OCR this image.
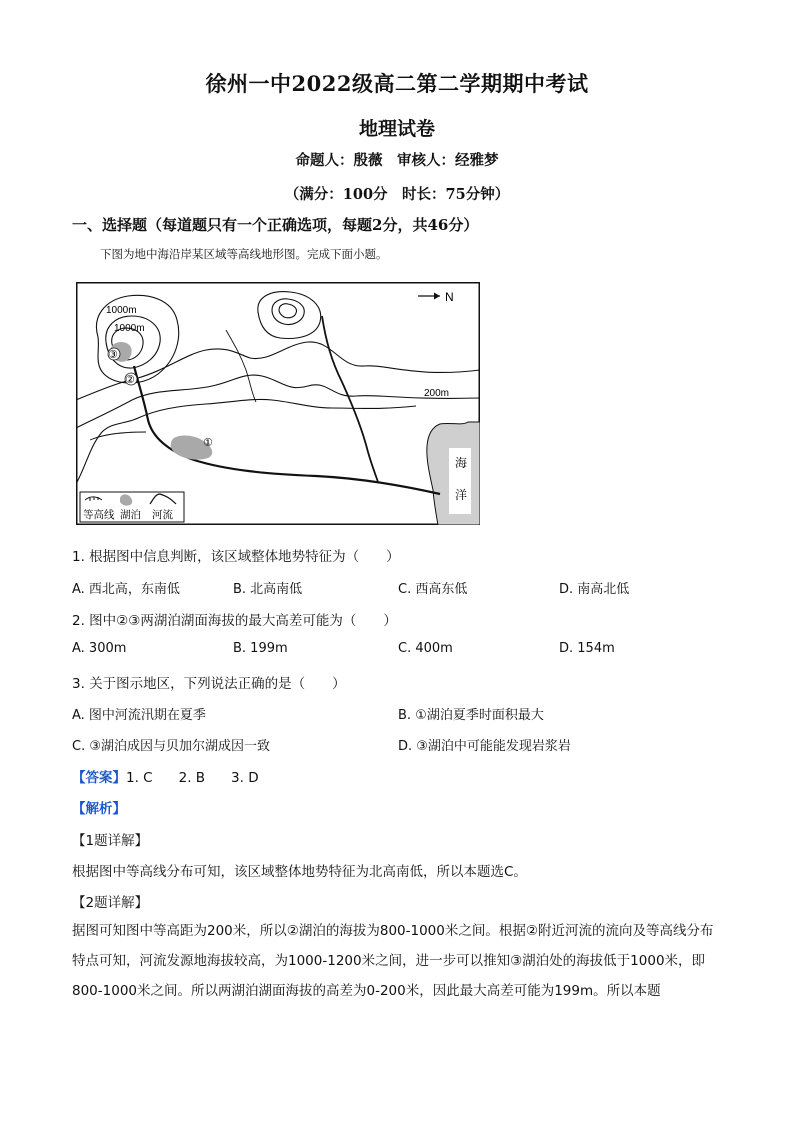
徐州一中2022级高二第二学期期中考试
地理试卷
命题人：殷薇　审核人：经雅梦
（满分：100分　时长：75分钟）
一、选择题（每道题只有一个正确选项，每题2分，共46分）
下图为地中海沿岸某区域等高线地形图。完成下面小题。
N
海
洋
1000m
1000m
200m
③
②
①
等高线 湖泊 河流
1. 根据图中信息判断，该区域整体地势特征为（　　）
A. 西北高，东南低	B. 北高南低	C. 西高东低	D. 南高北低
2. 图中②③两湖泊湖面海拔的最大高差可能为（　　）
A. 300m	B. 199m	C. 400m	D. 154m
3. 关于图示地区，下列说法正确的是（　　）
A. 图中河流汛期在夏季	B. ①湖泊夏季时面积最大
C. ③湖泊成因与贝加尔湖成因一致	D. ③湖泊中可能能发现岩浆岩
【答案】1. C 2. B 3. D
【解析】
【1题详解】
根据图中等高线分布可知，该区域整体地势特征为北高南低，所以本题选C。
【2题详解】
据图可知图中等高距为200米，所以②湖泊的海拔为800-1000米之间。根据②附近河流的流向及等高线分布特点可知，河流发源地海拔较高，为1000-1200米之间，进一步可以推知③湖泊处的海拔低于1000米，即800-1000米之间。所以两湖泊湖面海拔的高差为0-200米，因此最大高差可能为199m。所以本题
